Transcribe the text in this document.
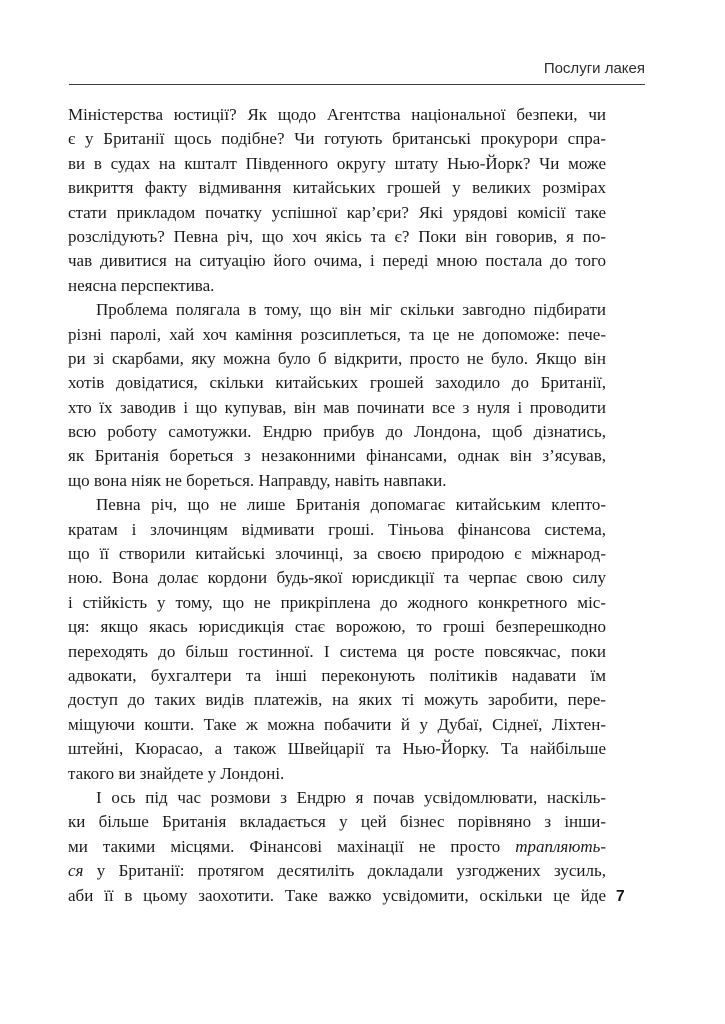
Послуги лакея
Міністерства юстиції? Як щодо Агентства національної безпеки, чи
є у Британії щось подібне? Чи готують британські прокурори спра-
ви в судах на кшталт Південного округу штату Нью-Йорк? Чи може
викриття факту відмивання китайських грошей у великих розмірах
стати прикладом початку успішної кар’єри? Які урядові комісії таке
розслідують? Певна річ, що хоч якісь та є? Поки він говорив, я по-
чав дивитися на ситуацію його очима, і переді мною постала до того
неясна перспектива.
Проблема полягала в тому, що він міг скільки завгодно підбирати
різні паролі, хай хоч каміння розсиплеться, та це не допоможе: пече-
ри зі скарбами, яку можна було б відкрити, просто не було. Якщо він
хотів довідатися, скільки китайських грошей заходило до Британії,
хто їх заводив і що купував, він мав починати все з нуля і проводити
всю роботу самотужки. Ендрю прибув до Лондона, щоб дізнатись,
як Британія бореться з незаконними фінансами, однак він з’ясував,
що вона ніяк не бореться. Направду, навіть навпаки.
Певна річ, що не лише Британія допомагає китайським клепто-
кратам і злочинцям відмивати гроші. Тіньова фінансова система,
що її створили китайські злочинці, за своєю природою є міжнарод-
ною. Вона долає кордони будь-якої юрисдикції та черпає свою силу
і стійкість у тому, що не прикріплена до жодного конкретного міс-
ця: якщо якась юрисдикція стає ворожою, то гроші безперешкодно
переходять до більш гостинної. І система ця росте повсякчас, поки
адвокати, бухгалтери та інші переконують політиків надавати їм
доступ до таких видів платежів, на яких ті можуть заробити, пере-
міщуючи кошти. Таке ж можна побачити й у Дубаї, Сіднеї, Ліхтен-
штейні, Кюрасао, а також Швейцарії та Нью-Йорку. Та найбільше
такого ви знайдете у Лондоні.
І ось під час розмови з Ендрю я почав усвідомлювати, наскіль-
ки більше Британія вкладається у цей бізнес порівняно з інши-
ми такими місцями. Фінансові махінації не просто трапляють-
ся у Британії: протягом десятиліть докладали узгоджених зусиль,
аби її в цьому заохотити. Таке важко усвідомити, оскільки це йде 7
